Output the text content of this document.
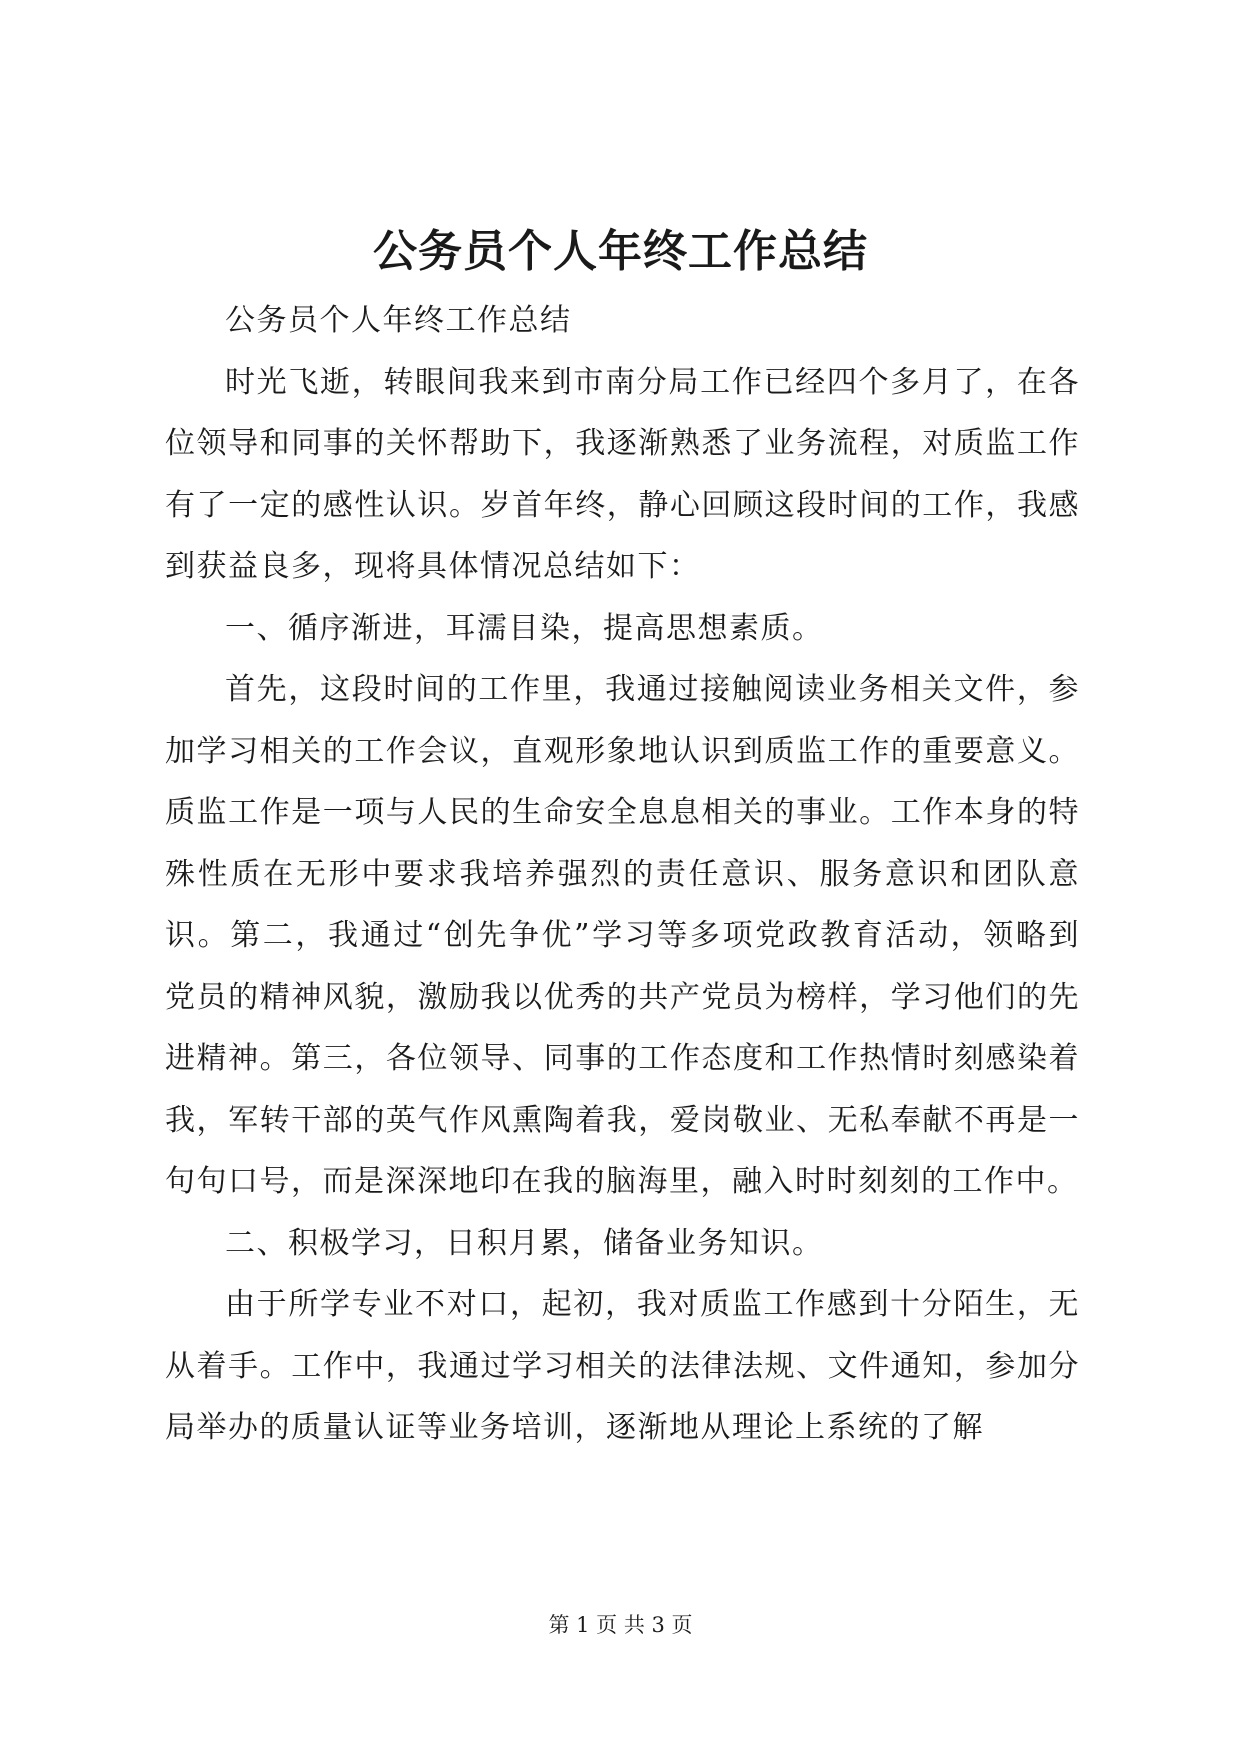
公务员个人年终工作总结

公务员个人年终工作总结

时光飞逝，转眼间我来到市南分局工作已经四个多月了，在各位领导和同事的关怀帮助下，我逐渐熟悉了业务流程，对质监工作有了一定的感性认识。岁首年终，静心回顾这段时间的工作，我感到获益良多，现将具体情况总结如下：

一、循序渐进，耳濡目染，提高思想素质。

首先，这段时间的工作里，我通过接触阅读业务相关文件，参加学习相关的工作会议，直观形象地认识到质监工作的重要意义。质监工作是一项与人民的生命安全息息相关的事业。工作本身的特殊性质在无形中要求我培养强烈的责任意识、服务意识和团队意识。第二，我通过“创先争优”学习等多项党政教育活动，领略到党员的精神风貌，激励我以优秀的共产党员为榜样，学习他们的先进精神。第三，各位领导、同事的工作态度和工作热情时刻感染着我，军转干部的英气作风熏陶着我，爱岗敬业、无私奉献不再是一句句口号，而是深深地印在我的脑海里，融入时时刻刻的工作中。

二、积极学习，日积月累，储备业务知识。

由于所学专业不对口，起初，我对质监工作感到十分陌生，无从着手。工作中，我通过学习相关的法律法规、文件通知，参加分局举办的质量认证等业务培训，逐渐地从理论上系统的了解

第 1 页 共 3 页
